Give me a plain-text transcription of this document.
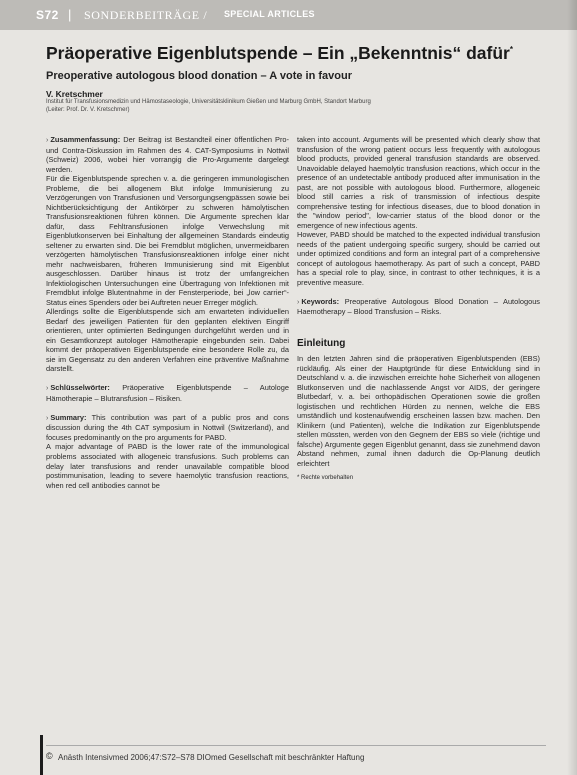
S72 | SONDERBEITRÄGE / SPECIAL ARTICLES
Präoperative Eigenblutspende – Ein „Bekenntnis“ dafür*
Preoperative autologous blood donation – A vote in favour
V. Kretschmer
Institut für Transfusionsmedizin und Hämostaseologie, Universitätsklinikum Gießen und Marburg GmbH, Standort Marburg
(Leiter: Prof. Dr. V. Kretschmer)

› Zusammenfassung: Der Beitrag ist Bestandteil einer öffentlichen Pro- und Contra-Diskussion im Rahmen des 4. CAT-Symposiums in Nottwil (Schweiz) 2006, wobei hier vorrangig die Pro-Argumente dargelegt werden.

Für die Eigenblutspende sprechen v. a. die geringeren immunologischen Probleme, die bei allogenem Blut infolge Immunisierung zu Verzögerungen von Transfusionen und Versorgungsengpässen sowie bei Nichtberücksichtigung der Antikörper zu schweren hämolytischen Transfusionsreaktionen führen können. Die Argumente sprechen klar dafür, dass Fehltransfusionen infolge Verwechslung mit Eigenblutkonserven bei Einhaltung der allgemeinen Standards eindeutig seltener zu erwarten sind. Die bei Fremdblut möglichen, unvermeidbaren verzögerten hämolytischen Transfusionsreaktionen infolge einer nicht mehr nachweisbaren, früheren Immunisierung sind mit Eigenblut ausgeschlossen. Darüber hinaus ist trotz der umfangreichen Infektiologischen Untersuchungen eine Übertragung von Infektionen mit Fremdblut infolge Blutentnahme in der Fensterperiode, bei „low carrier“-Status eines Spenders oder bei Auftreten neuer Erreger möglich.

Allerdings sollte die Eigenblutspende sich am erwarteten individuellen Bedarf des jeweiligen Patienten für den geplanten elektiven Eingriff orientieren, unter optimierten Bedingungen durchgeführt werden und in ein Gesamtkonzept autologer Hämotherapie eingebunden sein. Dabei kommt der präoperativen Eigenblutspende eine besondere Rolle zu, da sie im Gegensatz zu den anderen Verfahren eine präventive Maßnahme darstellt.

› Schlüsselwörter: Präoperative Eigenblutspende – Autologe Hämotherapie – Blutransfusion – Risiken.

› Summary: This contribution was part of a public pros and cons discussion during the 4th CAT symposium in Nottwil (Switzerland), and focuses predominantly on the pro arguments for PABD.

A major advantage of PABD is the lower rate of the immunological problems associated with allogeneic transfusions. Such problems can delay later transfusions and render unavailable compatible blood postimmunisation, leading to severe haemolytic transfusion reactions, when red cell antibodies cannot be

taken into account. Arguments will be presented which clearly show that transfusion of the wrong patient occurs less frequently with autologous blood products, provided general transfusion standards are observed. Unavoidable delayed haemolytic transfusion reactions, which occur in the presence of an undetectable antibody produced after immunisation in the past, are not possible with autologous blood. Furthermore, allogeneic blood still carries a risk of transmission of infectious despite comprehensive testing for infectious diseases, due to blood donation in the "window period", low-carrier status of the blood donor or the emergence of new infectious agents.

However, PABD should be matched to the expected individual transfusion needs of the patient undergoing specific surgery, should be carried out under optimized conditions and form an integral part of a comprehensive concept of autologous haemotherapy. As part of such a concept, PABD has a special role to play, since, in contrast to other techniques, it is a preventive measure.

› Keywords: Preoperative Autologous Blood Donation – Autologous Haemotherapy – Blood Transfusion – Risks.

Einleitung

In den letzten Jahren sind die präoperativen Eigenblutspenden (EBS) rückläufig. Als einer der Hauptgründe für diese Entwicklung sind in Deutschland v. a. die inzwischen erreichte hohe Sicherheit von allogenen Blutkonserven und die nachlassende Angst vor AIDS, der geringere Blutbedarf, v. a. bei orthopädischen Operationen sowie die großen logistischen und rechtlichen Hürden zu nennen, welche die EBS umständlich und kostenaufwendig erscheinen lassen bzw. machen. Den Klinikern (und Patienten), welche die Indikation zur Eigenblutspende stellen müssten, werden von den Gegnern der EBS so viele (richtige und falsche) Argumente gegen Eigenblut genannt, dass sie zunehmend davon Abstand nehmen, zumal ihnen dadurch die Op-Planung deutlich erleichtert

* Rechte vorbehalten
© Anästh Intensivmed 2006;47:S72–S78 DIOmed Gesellschaft mit beschränkter Haftung
